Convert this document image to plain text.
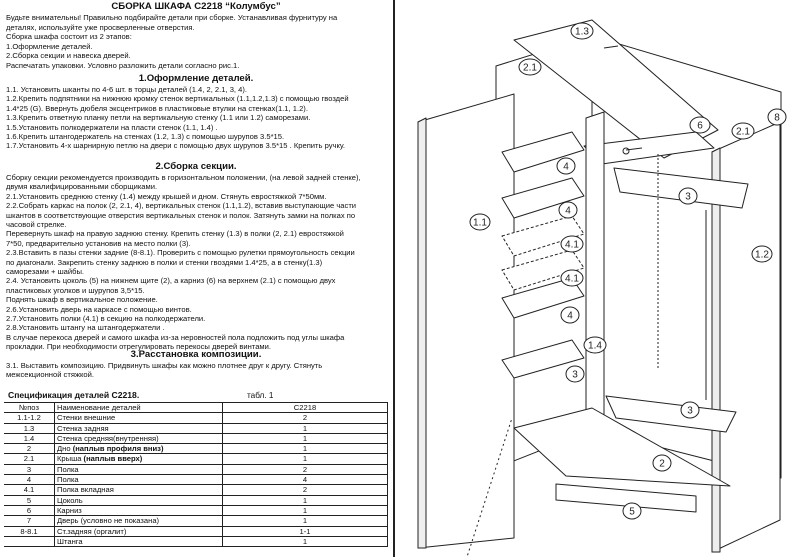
СБОРКА ШКАФА С2218 “Колумбус”
Будьте внимательны! Правильно подбирайте детали при сборке. Устанавливая фурнитуру на
деталях, используйте уже просверленные отверстия.
Сборка шкафа состоит из 2 этапов:
1.Оформление деталей.
2.Сборка секции и навеска дверей.
Распечатать упаковки. Условно разложить детали согласно рис.1.
1.Оформление деталей.
1.1. Установить шканты по 4-6 шт. в торцы деталей (1.4, 2, 2.1, 3, 4).
1.2.Крепить подпятники на нижнюю кромку стенок вертикальных (1.1,1.2,1.3) с помощью гвоздей
1.4*25 (G). Ввернуть дюбеля эксцентриков в пластиковые втулки на стенках(1.1, 1.2).
1.3.Крепить ответную планку петли на вертикальную стенку (1.1 или 1.2) саморезами.
1.5.Установить полкодержатели на пласти стенок (1.1, 1.4) .
1.6.Крепить штангодержатель на стенках (1.2, 1.3) с помощью шурупов 3.5*15.
1.7.Установить 4-х шарнирную петлю на двери с помощью двух шурупов 3.5*15 . Крепить ручку.
2.Сборка секции.
Сборку секции рекомендуется производить в горизонтальном положении, (на левой задней стенке),
двумя квалифицированными сборщиками.
2.1.Установить среднюю стенку (1.4) между крышей и дном. Стянуть евростяжкой 7*50мм.
2.2.Собрать каркас на полок (2, 2.1, 4), вертикальных стенок (1.1,1.2), вставив выступающие части
шкантов в соответствующие отверстия вертикальных стенок и полок. Затянуть замки на полках по
часовой стрелке.
Перевернуть шкаф на правую заднюю стенку. Крепить стенку (1.3) в полки (2, 2.1) евростяжкой
7*50, предварительно установив на место полки (3).
2.3.Вставить в пазы стенки задние (8-8.1). Проверить с помощью рулетки прямоугольность секции
по диагонали. Закрепить стенку заднюю в полки и стенки гвоздями 1.4*25, а в стенку(1.3)
саморезами + шайбы.
2.4. Установить цоколь (5) на нижнем щите (2), а карниз (6) на верхнем (2.1) с помощью двух
пластиковых уголков и шурупов 3,5*15.
Поднять шкаф в вертикальное положение.
2.6.Установить дверь на каркасе с помощью винтов.
2.7.Установить полки (4.1) в секцию на полкодержатели.
2.8.Установить штангу на штангодержатели .
В случае перекоса дверей и самого шкафа из-за неровностей пола подложить под углы шкафа
прокладки. При необходимости отрегулировать перекосы дверей винтами.
3.Расстановка композиции.
3.1. Выставить композицию. Придвинуть шкафы как можно плотнее друг к другу. Стянуть
межсекционной стяжкой.
Спецификация деталей С2218.	табл. 1
№поз	Наименование деталей	С2218
1.1-1.2	Стенки внешние	2
1.3	Стенка задняя	1
1.4	Стенка средняя(внутренняя)	1
2	Дно (наплыв профиля вниз)	1
2.1	Крыша (наплыв вверх)	1
3	Полка	2
4	Полка	4
4.1	Полка вкладная	2
5	Цоколь	1
6	Карниз	1
7	Дверь (условно не показана)	1
8-8.1	Ст.задняя (оргалит)	1-1
	Штанга	1
1.3
2.1
6
2.1
8
1.1
1.2
4
3
4
4.1
4.1
4
1.4
3
3
2
5
